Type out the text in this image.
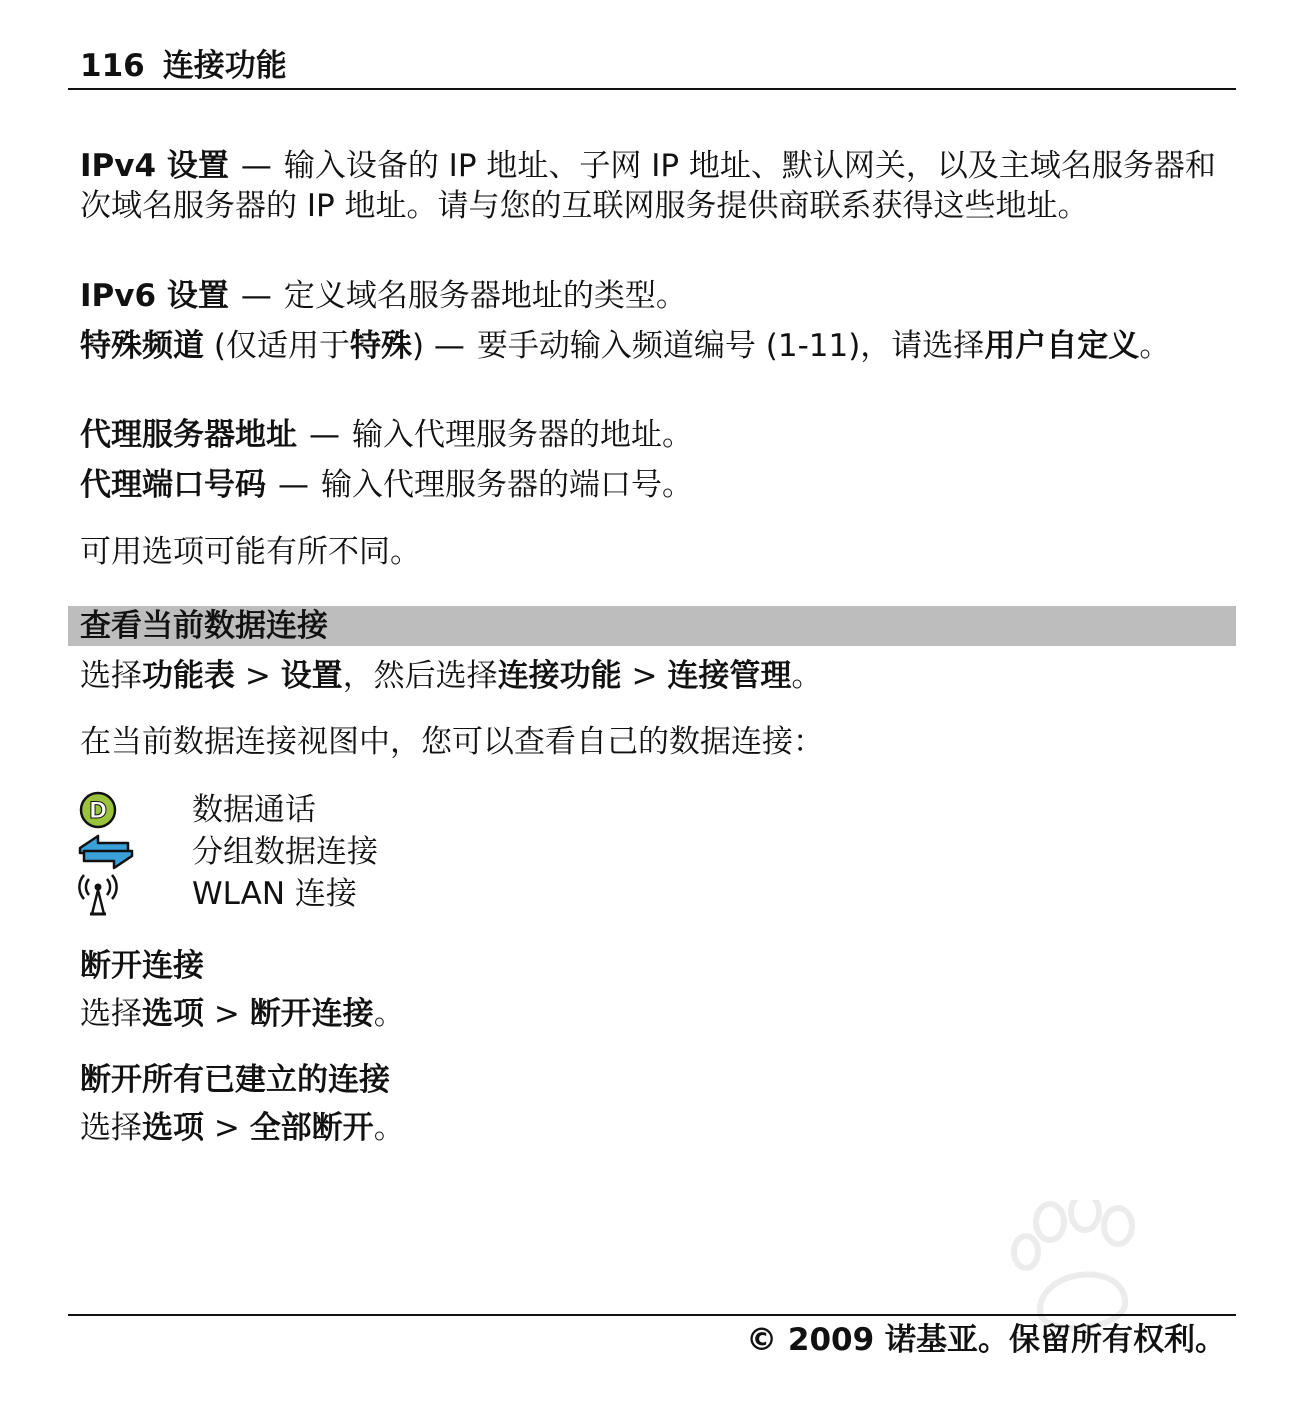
116 连接功能
IPv4 设置 — 输入设备的 IP 地址、子网 IP 地址、默认网关，以及主域名服务器和次域名服务器的 IP 地址。请与您的互联网服务提供商联系获得这些地址。
IPv6 设置 — 定义域名服务器地址的类型。
特殊频道 (仅适用于特殊) — 要手动输入频道编号 (1-11)，请选择用户自定义。
代理服务器地址 — 输入代理服务器的地址。
代理端口号码 — 输入代理服务器的端口号。
可用选项可能有所不同。
查看当前数据连接
选择功能表 > 设置，然后选择连接功能 > 连接管理。
在当前数据连接视图中，您可以查看自己的数据连接：
D	数据通话
分组数据连接
WLAN 连接
断开连接
选择选项 > 断开连接。
断开所有已建立的连接
选择选项 > 全部断开。
© 2009 诺基亚。保留所有权利。
